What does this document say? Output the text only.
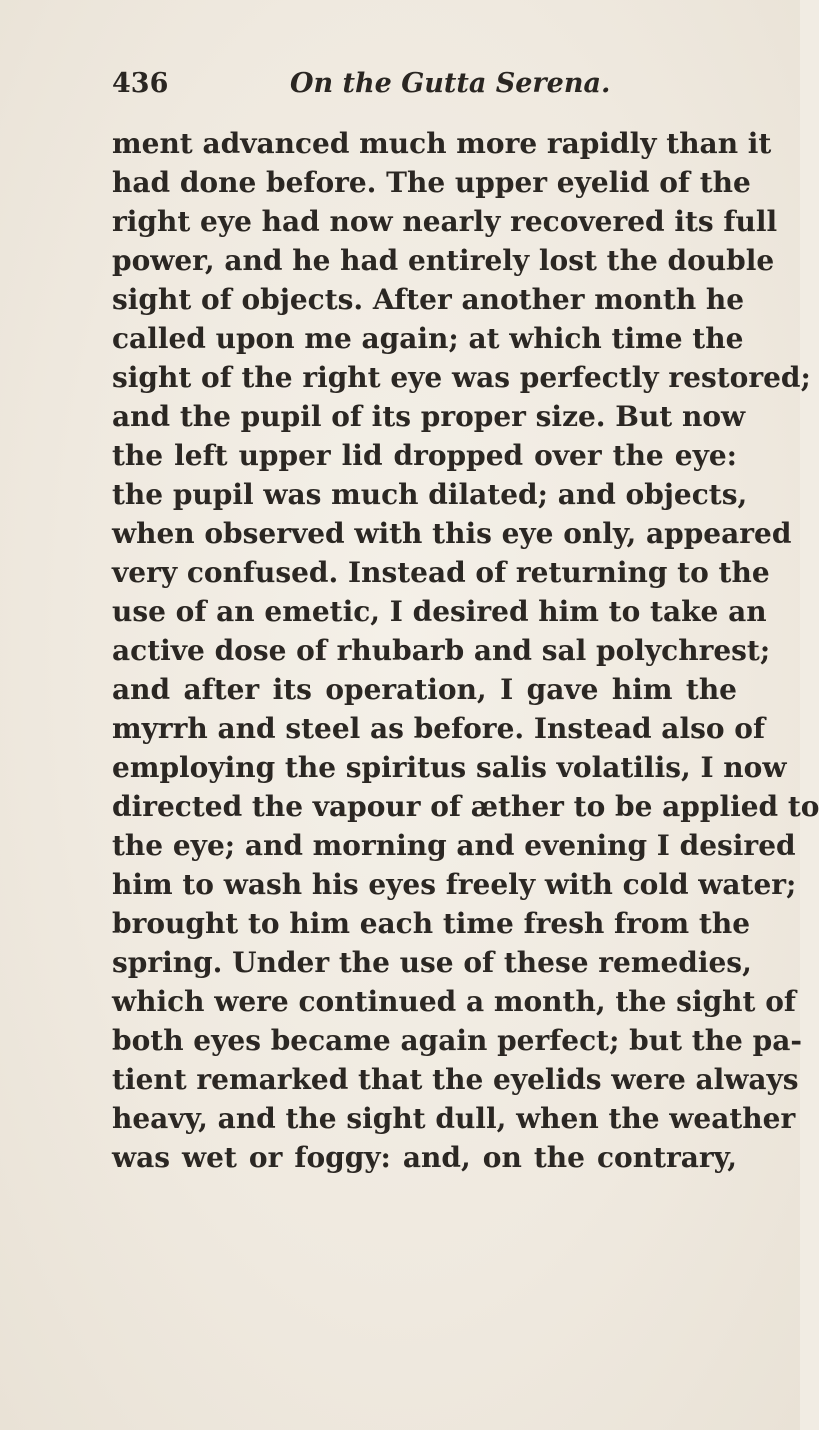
436	On the Gutta Serena.
ment advanced much more rapidly than it
had done before. The upper eyelid of the
right eye had now nearly recovered its full
power, and he had entirely lost the double
sight of objects. After another month he
called upon me again; at which time the
sight of the right eye was perfectly restored;
and the pupil of its proper size. But now
the left upper lid dropped over the eye:
the pupil was much dilated; and objects,
when observed with this eye only, appeared
very confused. Instead of returning to the
use of an emetic, I desired him to take an
active dose of rhubarb and sal polychrest;
and after its operation, I gave him the
myrrh and steel as before. Instead also of
employing the spiritus salis volatilis, I now
directed the vapour of æther to be applied to
the eye; and morning and evening I desired
him to wash his eyes freely with cold water;
brought to him each time fresh from the
spring. Under the use of these remedies,
which were continued a month, the sight of
both eyes became again perfect; but the pa-
tient remarked that the eyelids were always
heavy, and the sight dull, when the weather
was wet or foggy: and, on the contrary,
